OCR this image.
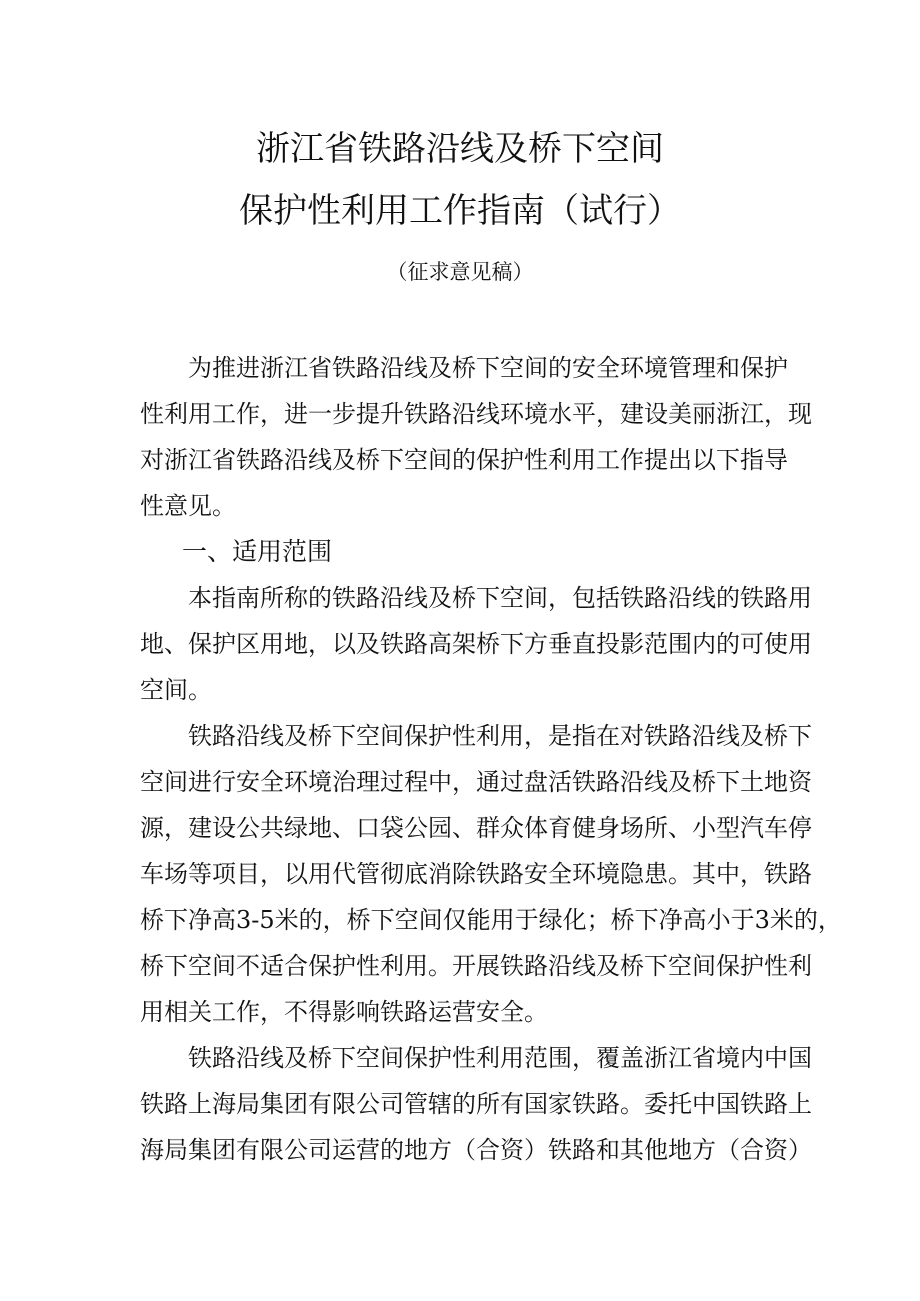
浙江省铁路沿线及桥下空间
保护性利用工作指南（试行）
（征求意见稿）
为推进浙江省铁路沿线及桥下空间的安全环境管理和保护
性利用工作，进一步提升铁路沿线环境水平，建设美丽浙江，现
对浙江省铁路沿线及桥下空间的保护性利用工作提出以下指导
性意见。
一、适用范围
本指南所称的铁路沿线及桥下空间，包括铁路沿线的铁路用
地、保护区用地，以及铁路高架桥下方垂直投影范围内的可使用
空间。
铁路沿线及桥下空间保护性利用，是指在对铁路沿线及桥下
空间进行安全环境治理过程中，通过盘活铁路沿线及桥下土地资
源，建设公共绿地、口袋公园、群众体育健身场所、小型汽车停
车场等项目，以用代管彻底消除铁路安全环境隐患。其中，铁路
桥下净高3-5米的，桥下空间仅能用于绿化；桥下净高小于3米的，
桥下空间不适合保护性利用。开展铁路沿线及桥下空间保护性利
用相关工作，不得影响铁路运营安全。
铁路沿线及桥下空间保护性利用范围，覆盖浙江省境内中国
铁路上海局集团有限公司管辖的所有国家铁路。委托中国铁路上
海局集团有限公司运营的地方（合资）铁路和其他地方（合资）
